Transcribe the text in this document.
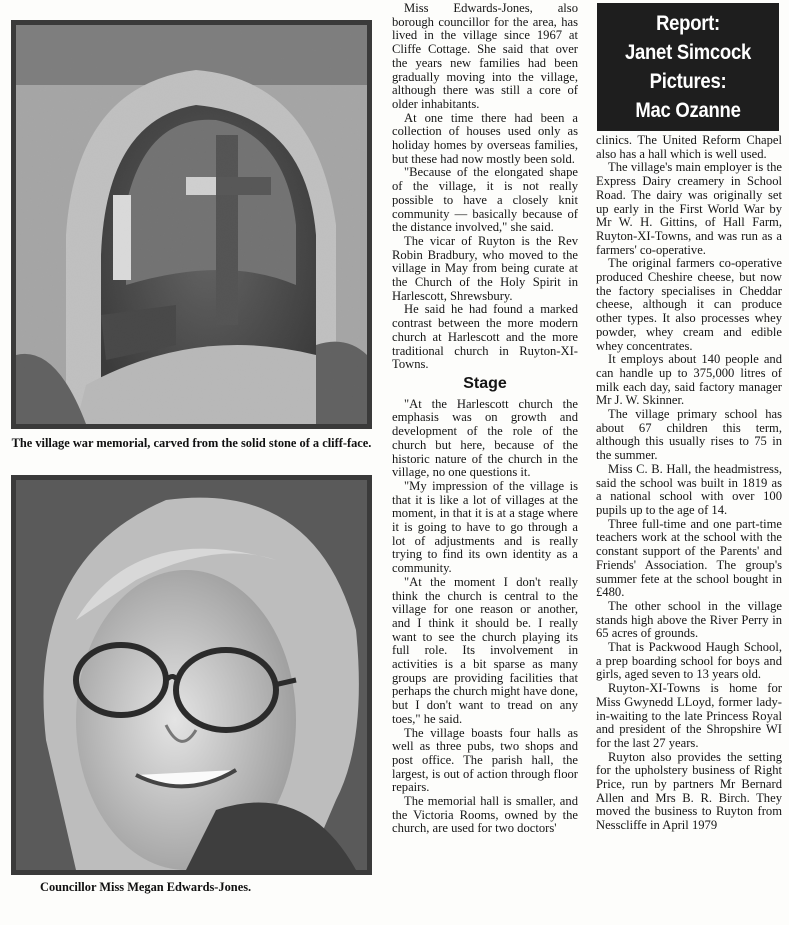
The village war memorial, carved from the solid stone of a cliff-face.
Councillor Miss Megan Edwards-Jones.

Miss Edwards-Jones, also borough councillor for the area, has lived in the village since 1967 at Cliffe Cottage. She said that over the years new families had been gradually moving into the village, although there was still a core of older inhabitants.

At one time there had been a collection of houses used only as holiday homes by overseas families, but these had now mostly been sold.

"Because of the elongated shape of the village, it is not really possible to have a closely knit community — basically because of the distance involved," she said.

The vicar of Ruyton is the Rev Robin Bradbury, who moved to the village in May from being curate at the Church of the Holy Spirit in Harlescott, Shrewsbury.

He said he had found a marked contrast between the more modern church at Harlescott and the more traditional church in Ruyton-XI-Towns.

Stage

"At the Harlescott church the emphasis was on growth and development of the role of the church but here, because of the historic nature of the church in the village, no one questions it.

"My impression of the village is that it is like a lot of villages at the moment, in that it is at a stage where it is going to have to go through a lot of adjustments and is really trying to find its own identity as a community.

"At the moment I don't really think the church is central to the village for one reason or another, and I think it should be. I really want to see the church playing its full role. Its involvement in activities is a bit sparse as many groups are providing facilities that perhaps the church might have done, but I don't want to tread on any toes," he said.

The village boasts four halls as well as three pubs, two shops and post office. The parish hall, the largest, is out of action through floor repairs.

The memorial hall is smaller, and the Victoria Rooms, owned by the church, are used for two doctors'

Report:
Janet Simcock
Pictures:
Mac Ozanne

clinics. The United Reform Chapel also has a hall which is well used.

The village's main employer is the Express Dairy creamery in School Road. The dairy was originally set up early in the First World War by Mr W. H. Gittins, of Hall Farm, Ruyton-XI-Towns, and was run as a farmers' co-operative.

The original farmers co-operative produced Cheshire cheese, but now the factory specialises in Cheddar cheese, although it can produce other types. It also processes whey powder, whey cream and edible whey concentrates.

It employs about 140 people and can handle up to 375,000 litres of milk each day, said factory manager Mr J. W. Skinner.

The village primary school has about 67 children this term, although this usually rises to 75 in the summer.

Miss C. B. Hall, the headmistress, said the school was built in 1819 as a national school with over 100 pupils up to the age of 14.

Three full-time and one part-time teachers work at the school with the constant support of the Parents' and Friends' Association. The group's summer fete at the school bought in £480.

The other school in the village stands high above the River Perry in 65 acres of grounds.

That is Packwood Haugh School, a prep boarding school for boys and girls, aged seven to 13 years old.

Ruyton-XI-Towns is home for Miss Gwynedd LLoyd, former lady-in-waiting to the late Princess Royal and president of the Shropshire WI for the last 27 years.

Ruyton also provides the setting for the upholstery business of Right Price, run by partners Mr Bernard Allen and Mrs B. R. Birch. They moved the business to Ruyton from Nesscliffe in April 1979
